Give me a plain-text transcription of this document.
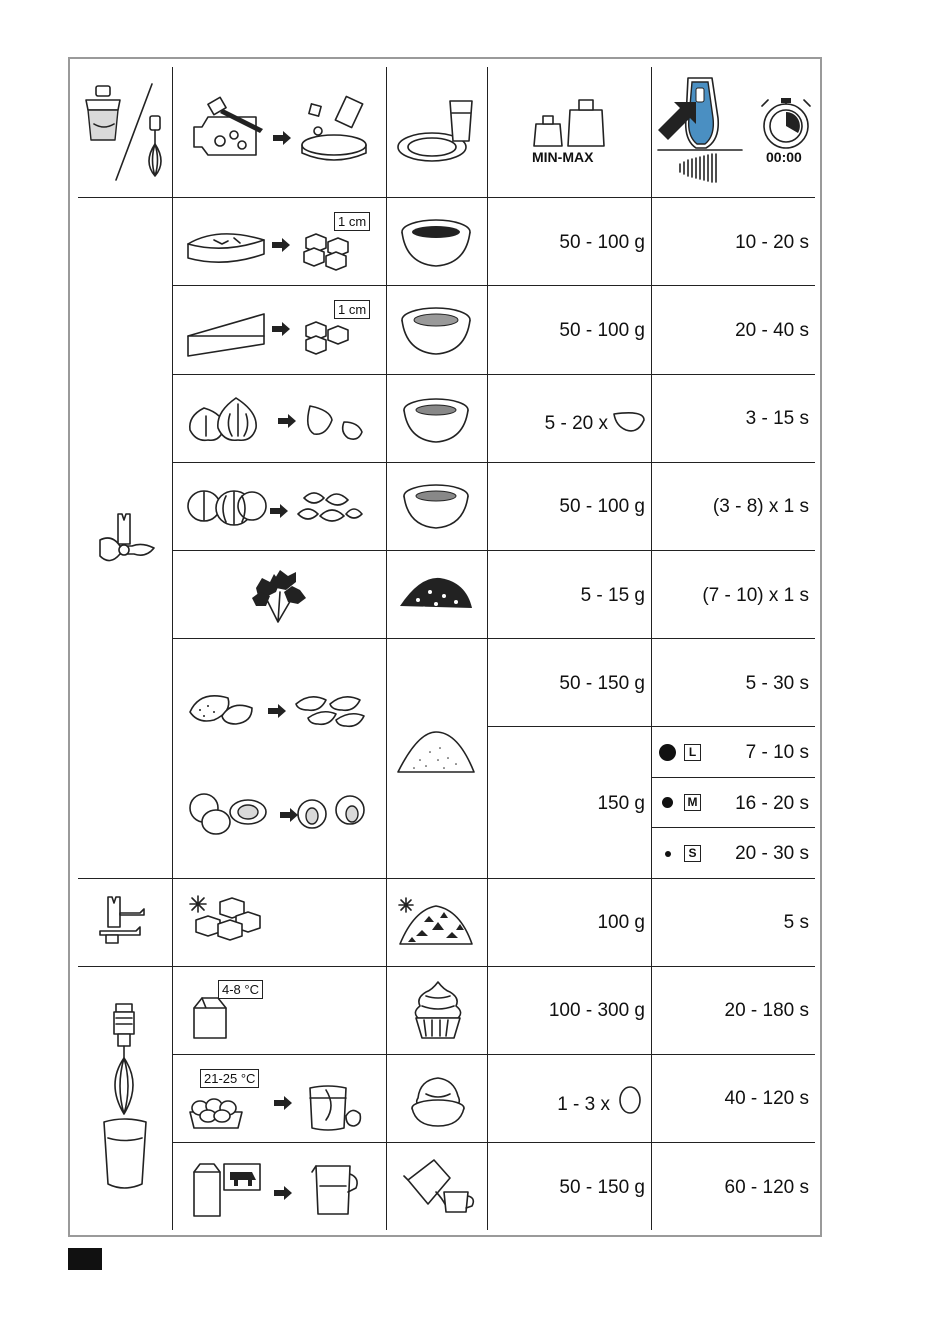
MIN-MAX	00:00
1 cm
50 - 100 g	10 - 20 s
1 cm
50 - 100 g	20 - 40 s
5 - 20 x	3 - 15 s
50 - 100 g	(3 - 8) x 1 s
5 - 15 g	(7 - 10) x 1 s
50 - 150 g	5 - 30 s
150 g
L	7 - 10 s
M 16 - 20 s
S 20 - 30 s
100 g	5 s
4-8 °C
100 - 300 g	20 - 180 s
21-25 °C
1 - 3 x	40 - 120 s
50 - 150 g	60 - 120 s
